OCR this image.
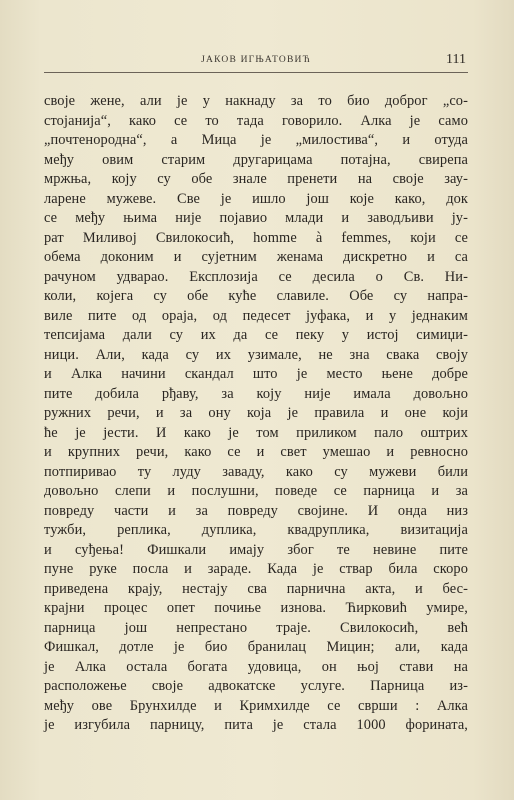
ЈАКОВ ИГЊАТОВИЋ	111
своје жене, али је у накнаду за то био доброг „со-
стојанија“, како се то тада говорило. Алка је само
„почтенородна“, а Мица је „милостива“, и отуда
међу овим старим другарицама потајна, свирепа
мржња, коју су обе знале пренети на своје зау-
ларене мужеве. Све је ишло још које како, док
се међу њима није појавио млади и заводљиви ју-
рат Миливој Свилокосић, homme à femmes, који се
обема доконим и сујетним женама дискретно и са
рачуном удварао. Експлозија се десила о Св. Ни-
коли, којега су обе куће славиле. Обе су напра-
виле пите од ораја, од педесет јуфака, и у једнаким
тепсијама дали су их да се пеку у истој симиџи-
ници. Али, када су их узимале, не зна свака своју
и Алка начини скандал што је место њене добре
пите добила рђаву, за коју није имала довољно
ружних речи, и за ону која је правила и оне који
ће је јести. И како је том приликом пало оштрих
и крупних речи, како се и свет умешао и ревносно
потпиривао ту луду заваду, како су мужеви били
довољно слепи и послушни, поведе се парница и за
повреду части и за повреду својине. И онда низ
тужби, реплика, дуплика, квадруплика, визитација
и суђења! Фишкали имају због те невине пите
пуне руке посла и зараде. Када је ствар била скоро
приведена крају, нестају сва парнична акта, и бес-
крајни процес опет почиње изнова. Ћирковић умире,
парница још непрестано траје. Свилокосић, већ
Фишкал, дотле је био бранилац Мицин; али, када
је Алка остала богата удовица, он њој стави на
расположење своје адвокатске услуге. Парница из-
међу ове Брунхилде и Кримхилде се сврши : Алка
је изгубила парницу, пита је стала 1000 форината,
